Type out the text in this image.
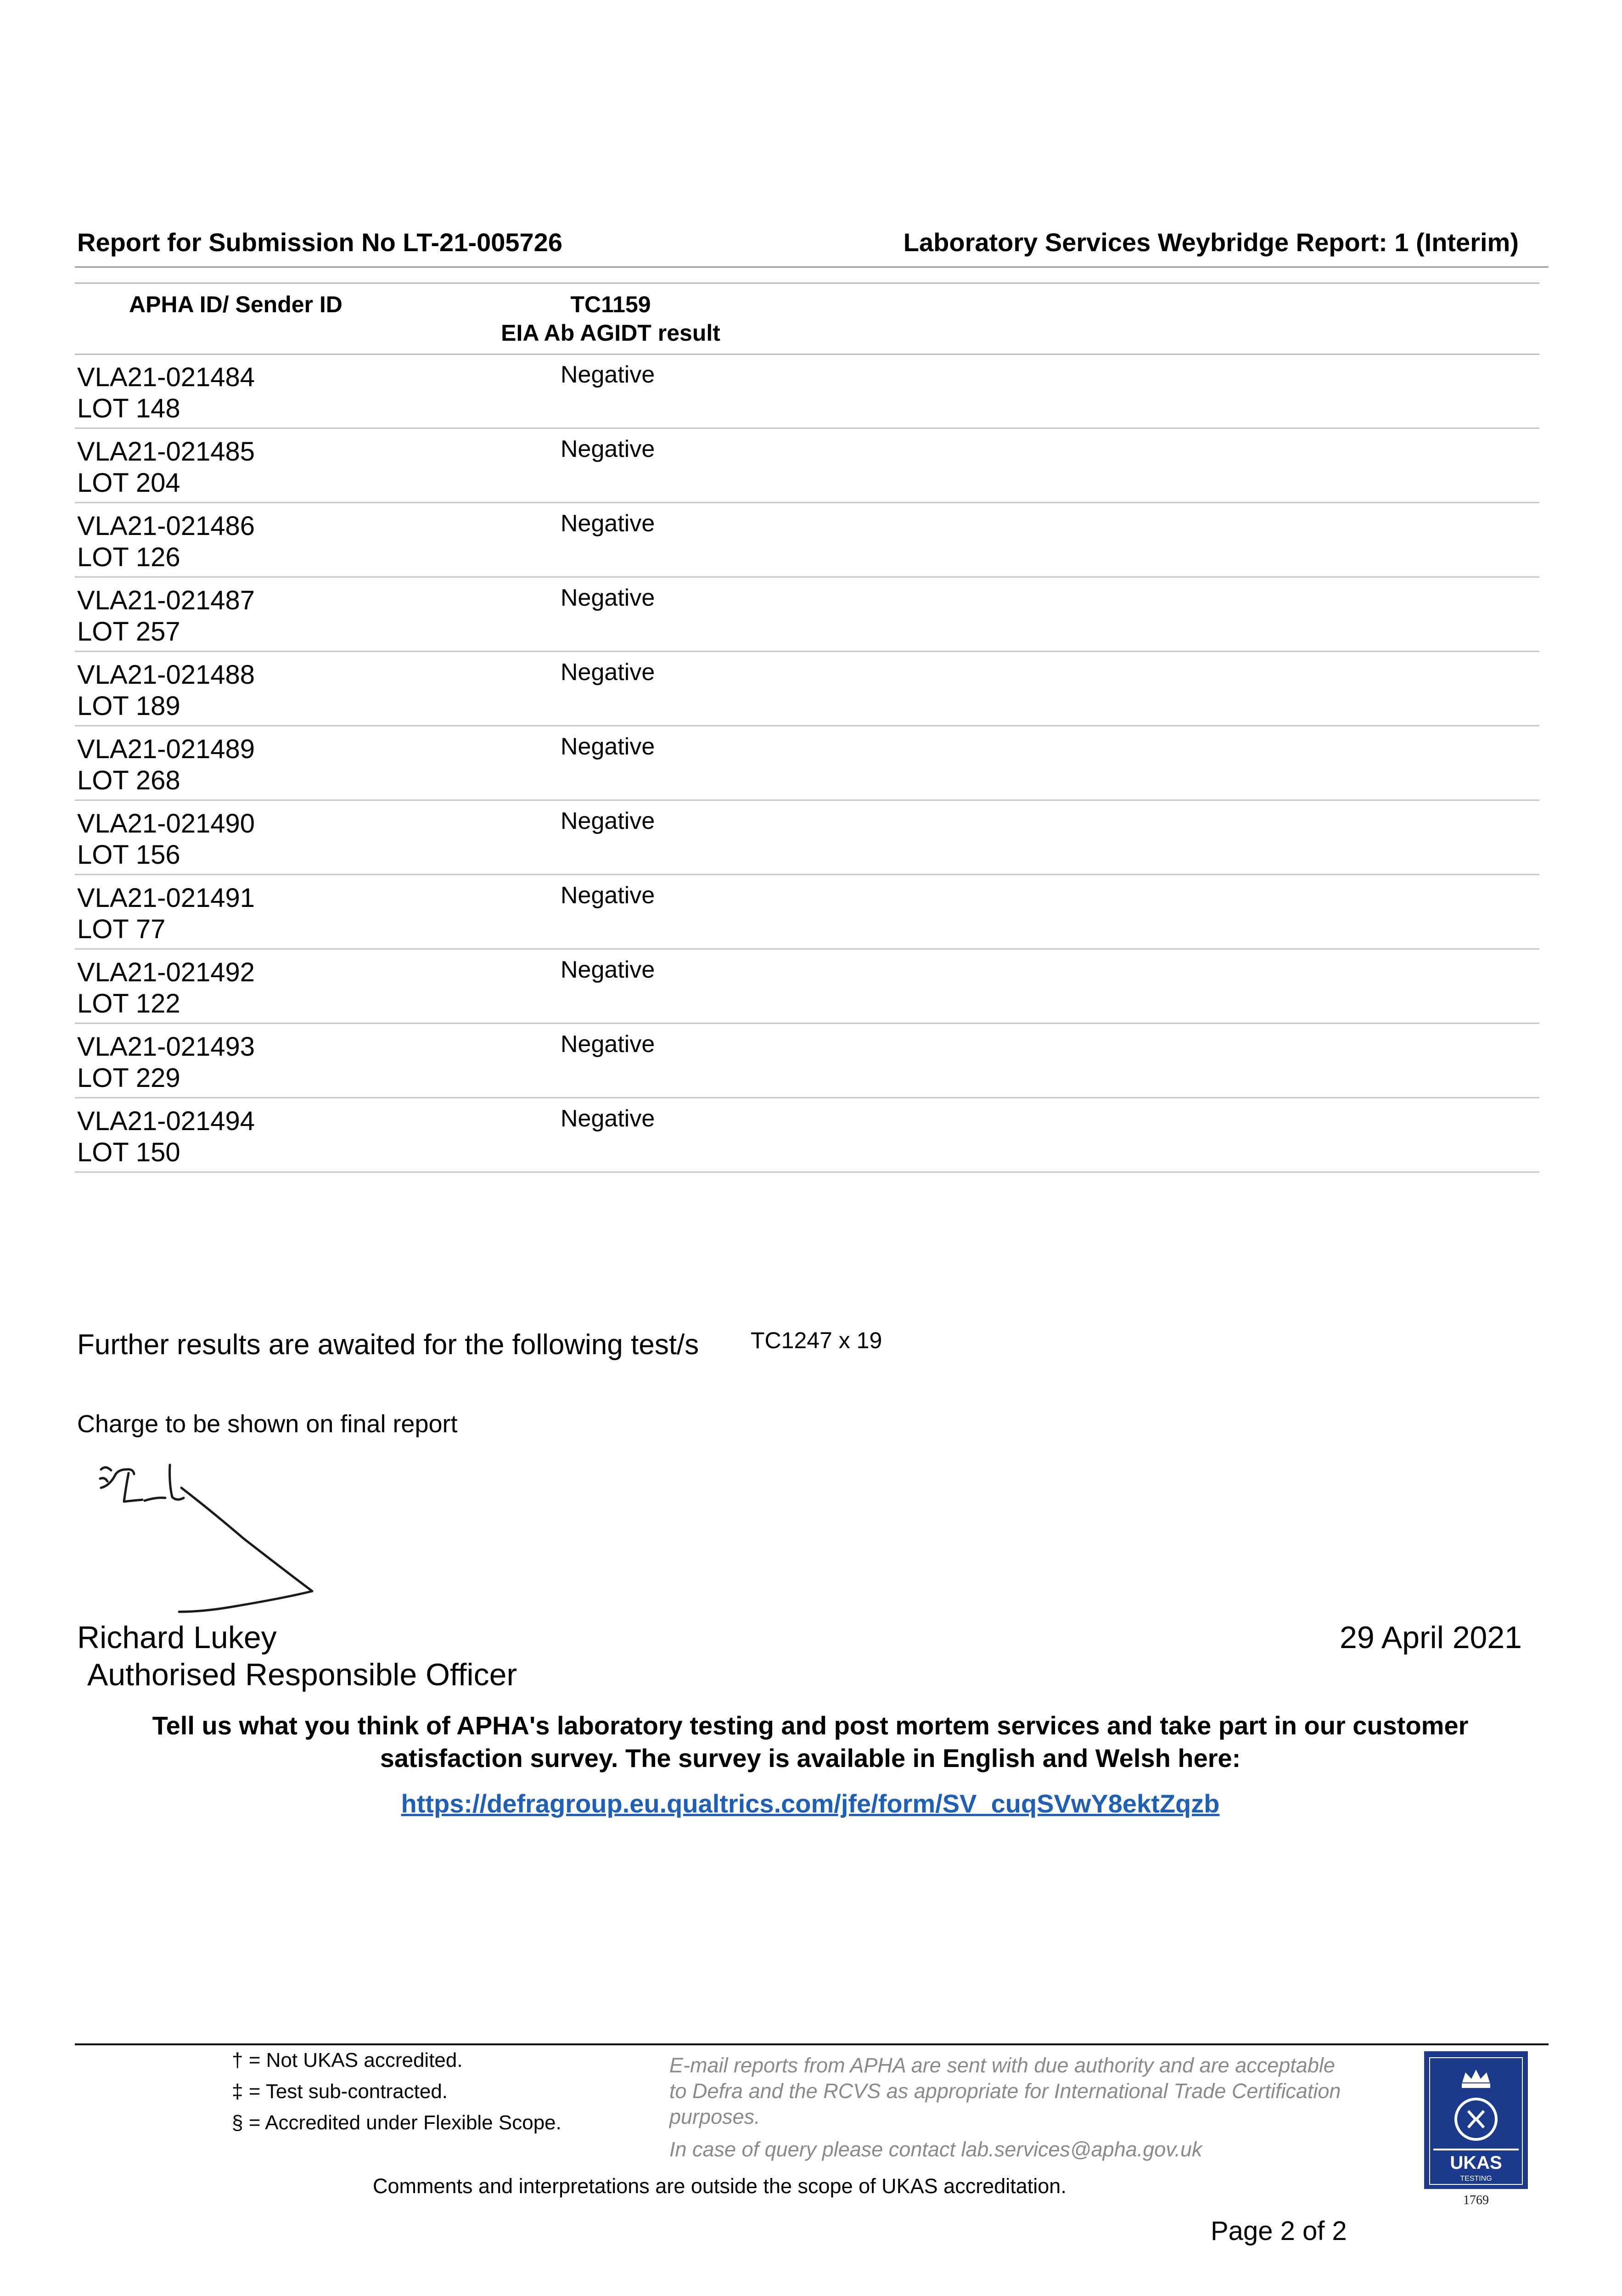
Report for Submission No LT-21-005726	Laboratory Services Weybridge Report: 1 (Interim)
APHA ID/ Sender ID	TC1159
EIA Ab AGIDT result
VLA21-021484
LOT 148
Negative
VLA21-021485
LOT 204
Negative
VLA21-021486
LOT 126
Negative
VLA21-021487
LOT 257
Negative
VLA21-021488
LOT 189
Negative
VLA21-021489
LOT 268
Negative
VLA21-021490
LOT 156
Negative
VLA21-021491
LOT 77
Negative
VLA21-021492
LOT 122
Negative
VLA21-021493
LOT 229
Negative
VLA21-021494
LOT 150
Negative
Further results are awaited for the following test/s TC1247 x 19
Charge to be shown on final report
Richard Lukey
Authorised Responsible Officer
29 April 2021
Tell us what you think of APHA's laboratory testing and post mortem services and take part in our customer satisfaction survey. The survey is available in English and Welsh here:
https://defragroup.eu.qualtrics.com/jfe/form/SV_cuqSVwY8ektZqzb
† = Not UKAS accredited.
‡ = Test sub-contracted.
§ = Accredited under Flexible Scope.
E-mail reports from APHA are sent with due authority and are acceptable to Defra and the RCVS as appropriate for International Trade Certification purposes.
In case of query please contact lab.services@apha.gov.uk
Comments and interpretations are outside the scope of UKAS accreditation.
UKAS
TESTING
1769
Page 2 of 2
